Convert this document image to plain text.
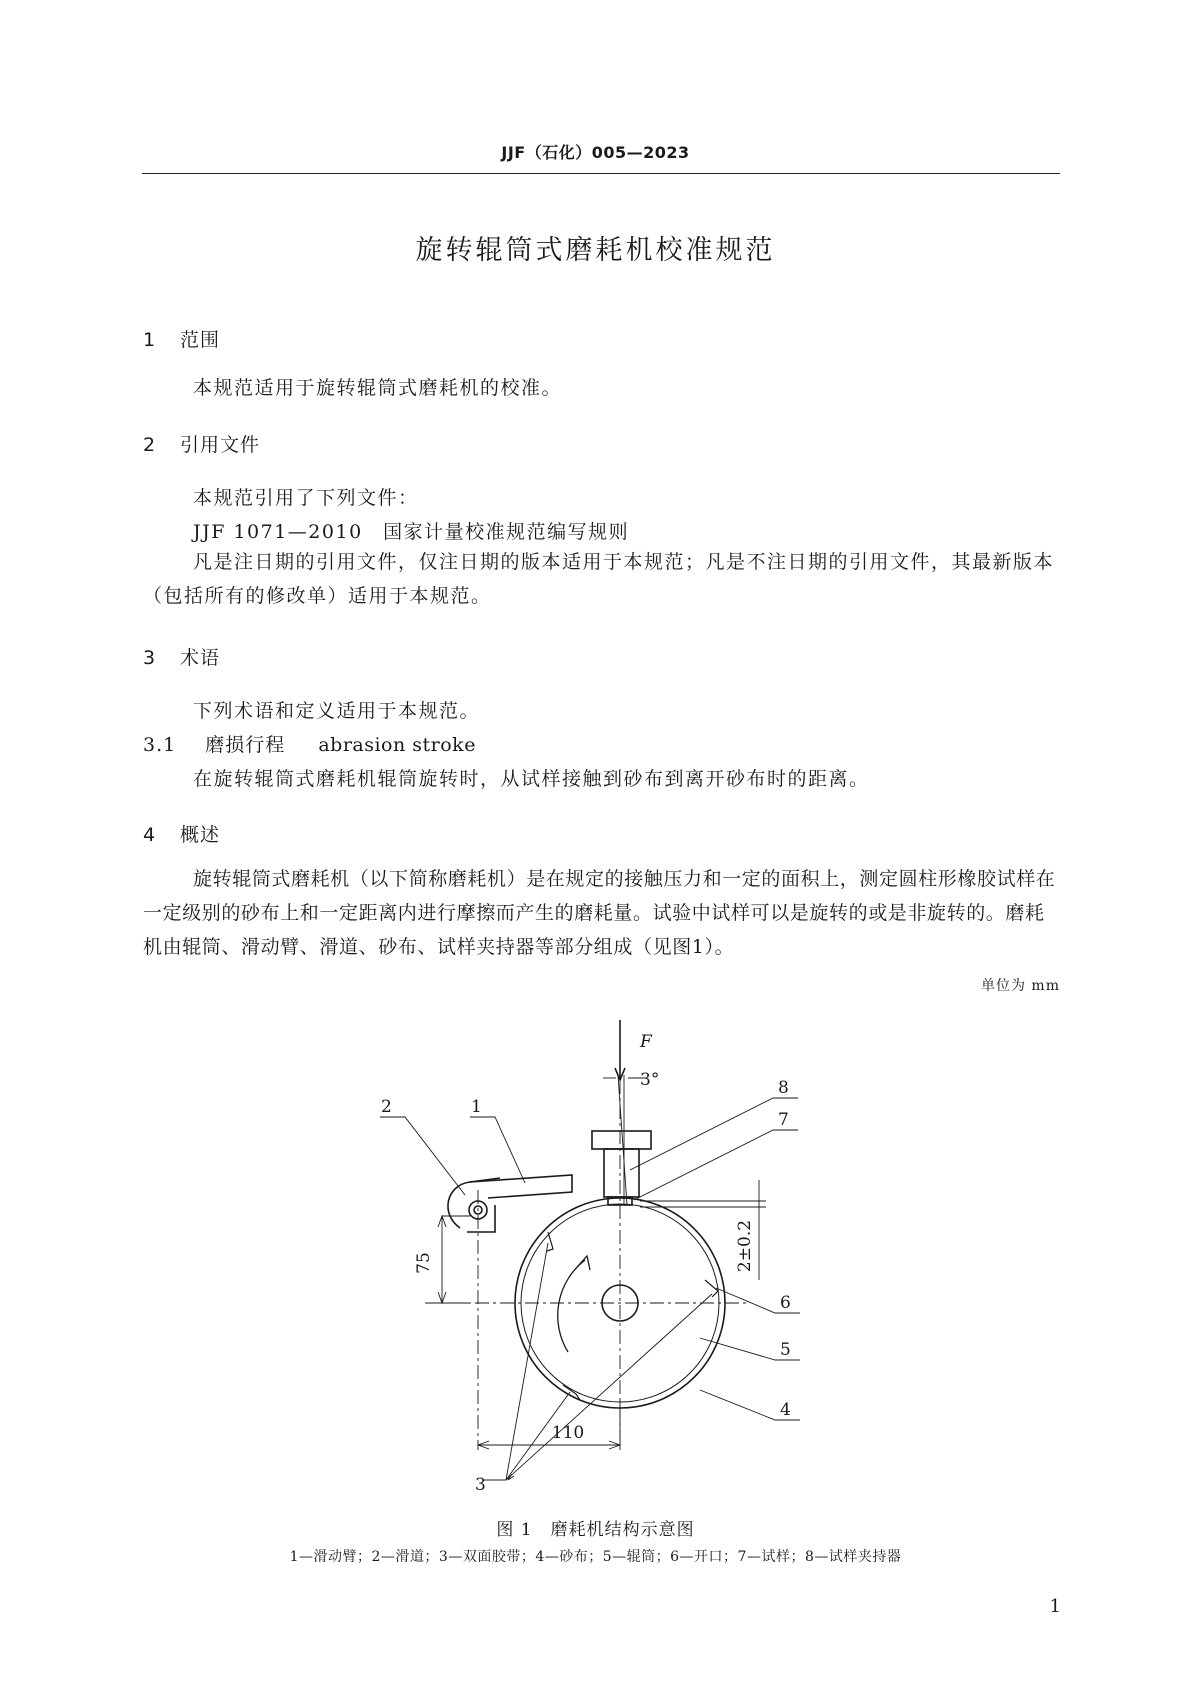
JJF（石化）005—2023
旋转辊筒式磨耗机校准规范
1 范围
本规范适用于旋转辊筒式磨耗机的校准。
2 引用文件
本规范引用了下列文件：
JJF 1071—2010　国家计量校准规范编写规则

凡是注日期的引用文件，仅注日期的版本适用于本规范；凡是不注日期的引用文件，其最新版本（包括所有的修改单）适用于本规范。

3 术语
下列术语和定义适用于本规范。
3.1 磨损行程 abrasion stroke
在旋转辊筒式磨耗机辊筒旋转时，从试样接触到砂布到离开砂布时的距离。
4 概述

旋转辊筒式磨耗机（以下简称磨耗机）是在规定的接触压力和一定的面积上，测定圆柱形橡胶试样在一定级别的砂布上和一定距离内进行摩擦而产生的磨耗量。试验中试样可以是旋转的或是非旋转的。磨耗机由辊筒、滑动臂、滑道、砂布、试样夹持器等部分组成（见图1）。

单位为 mm
F
3°
75
110
2±0.2
2	1
8
7
6
5
4
3
图 1　磨耗机结构示意图
1—滑动臂；2—滑道；3—双面胶带；4—砂布；5—辊筒；6—开口；7—试样；8—试样夹持器
1
